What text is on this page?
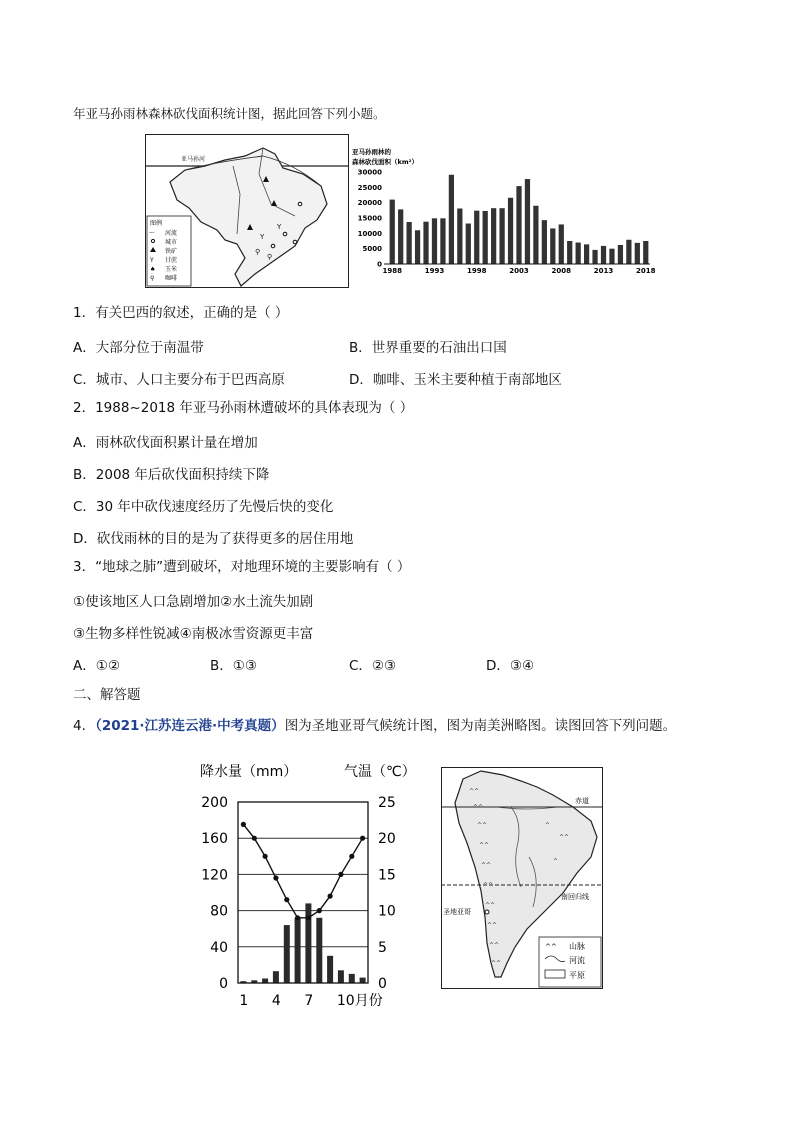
年亚马孙雨林森林砍伐面积统计图，据此回答下列小题。
亚马孙河
Y
Y
⚲
⚲
图例
〜 河流
城市
铁矿
Y 甘蔗
♠ 玉米
⚲ 咖啡
亚马孙雨林的
森林砍伐面积（km²）
30000
25000
20000
15000
10000
5000
0
1988	1993	1998	2003	2008	2013	2018
1．有关巴西的叙述，正确的是（ ）
A．大部分位于南温带	B．世界重要的石油出口国
C．城市、人口主要分布于巴西高原	D．咖啡、玉米主要种植于南部地区
2．1988~2018 年亚马孙雨林遭破坏的具体表现为（ ）
A．雨林砍伐面积累计量在增加
B．2008 年后砍伐面积持续下降
C．30 年中砍伐速度经历了先慢后快的变化
D．砍伐雨林的目的是为了获得更多的居住用地
3．“地球之肺”遭到破坏，对地理环境的主要影响有（ ）
①使该地区人口急剧增加②水土流失加剧
③生物多样性锐减④南极冰雪资源更丰富
A．①②	B．①③	C．②③	D．③④
二、解答题
4．（2021·江苏连云港·中考真题）图为圣地亚哥气候统计图，图为南美洲略图。读图回答下列问题。
降水量（mm）	气温（℃）
200
160
120
80
40
0
25
20
15
10
5
0
1 4 7 10月份
^^
^^
^^
^^
^^
^^
^^
^^
^^
^^
^
^^
^
赤道
南回归线
圣地亚哥
^^ 山脉
河流
平原
